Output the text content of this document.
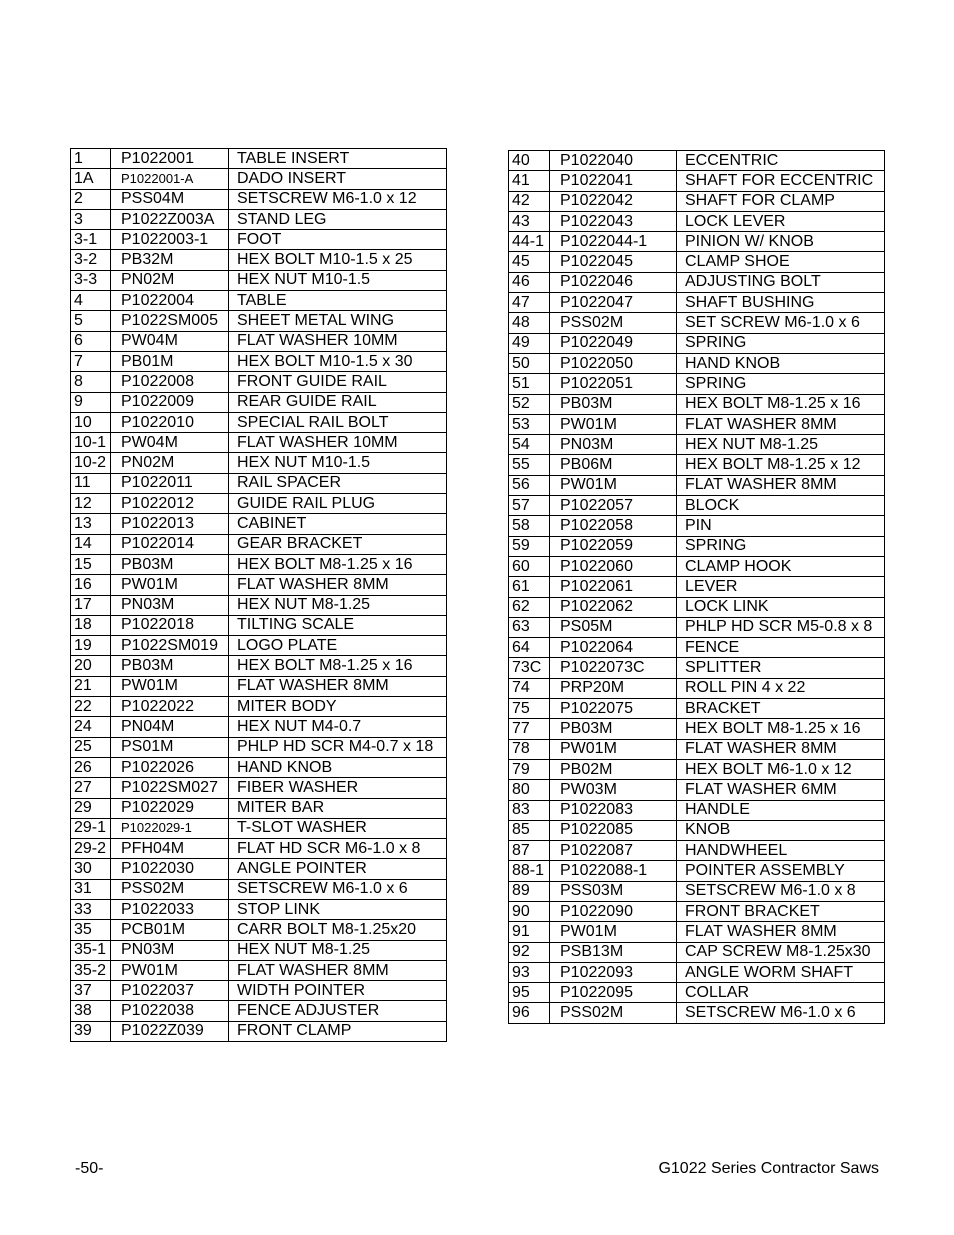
1	P1022001	TABLE INSERT
1A	P1022001-A	DADO INSERT
2	PSS04M	SETSCREW M6-1.0 x 12
3	P1022Z003A	STAND LEG
3-1	P1022003-1	FOOT
3-2	PB32M	HEX BOLT M10-1.5 x 25
3-3	PN02M	HEX NUT M10-1.5
4	P1022004	TABLE
5	P1022SM005	SHEET METAL WING
6	PW04M	FLAT WASHER 10MM
7	PB01M	HEX BOLT M10-1.5 x 30
8	P1022008	FRONT GUIDE RAIL
9	P1022009	REAR GUIDE RAIL
10	P1022010	SPECIAL RAIL BOLT
10-1	PW04M	FLAT WASHER 10MM
10-2	PN02M	HEX NUT M10-1.5
11	P1022011	RAIL SPACER
12	P1022012	GUIDE RAIL PLUG
13	P1022013	CABINET
14	P1022014	GEAR BRACKET
15	PB03M	HEX BOLT M8-1.25 x 16
16	PW01M	FLAT WASHER 8MM
17	PN03M	HEX NUT M8-1.25
18	P1022018	TILTING SCALE
19	P1022SM019	LOGO PLATE
20	PB03M	HEX BOLT M8-1.25 x 16
21	PW01M	FLAT WASHER 8MM
22	P1022022	MITER BODY
24	PN04M	HEX NUT M4-0.7
25	PS01M	PHLP HD SCR M4-0.7 x 18
26	P1022026	HAND KNOB
27	P1022SM027	FIBER WASHER
29	P1022029	MITER BAR
29-1	P1022029-1	T-SLOT WASHER
29-2	PFH04M	FLAT HD SCR M6-1.0 x 8
30	P1022030	ANGLE POINTER
31	PSS02M	SETSCREW M6-1.0 x 6
33	P1022033	STOP LINK
35	PCB01M	CARR BOLT M8-1.25x20
35-1	PN03M	HEX NUT M8-1.25
35-2	PW01M	FLAT WASHER 8MM
37	P1022037	WIDTH POINTER
38	P1022038	FENCE ADJUSTER
39	P1022Z039	FRONT CLAMP
40	P1022040	ECCENTRIC
41	P1022041	SHAFT FOR ECCENTRIC
42	P1022042	SHAFT FOR CLAMP
43	P1022043	LOCK LEVER
44-1	P1022044-1	PINION W/ KNOB
45	P1022045	CLAMP SHOE
46	P1022046	ADJUSTING BOLT
47	P1022047	SHAFT BUSHING
48	PSS02M	SET SCREW M6-1.0 x 6
49	P1022049	SPRING
50	P1022050	HAND KNOB
51	P1022051	SPRING
52	PB03M	HEX BOLT M8-1.25 x 16
53	PW01M	FLAT WASHER 8MM
54	PN03M	HEX NUT M8-1.25
55	PB06M	HEX BOLT M8-1.25 x 12
56	PW01M	FLAT WASHER 8MM
57	P1022057	BLOCK
58	P1022058	PIN
59	P1022059	SPRING
60	P1022060	CLAMP HOOK
61	P1022061	LEVER
62	P1022062	LOCK LINK
63	PS05M	PHLP HD SCR M5-0.8 x 8
64	P1022064	FENCE
73C	P1022073C	SPLITTER
74	PRP20M	ROLL PIN 4 x 22
75	P1022075	BRACKET
77	PB03M	HEX BOLT M8-1.25 x 16
78	PW01M	FLAT WASHER 8MM
79	PB02M	HEX BOLT M6-1.0 x 12
80	PW03M	FLAT WASHER 6MM
83	P1022083	HANDLE
85	P1022085	KNOB
87	P1022087	HANDWHEEL
88-1	P1022088-1	POINTER ASSEMBLY
89	PSS03M	SETSCREW M6-1.0 x 8
90	P1022090	FRONT BRACKET
91	PW01M	FLAT WASHER 8MM
92	PSB13M	CAP SCREW M8-1.25x30
93	P1022093	ANGLE WORM SHAFT
95	P1022095	COLLAR
96	PSS02M	SETSCREW M6-1.0 x 6
-50-	G1022 Series Contractor Saws
